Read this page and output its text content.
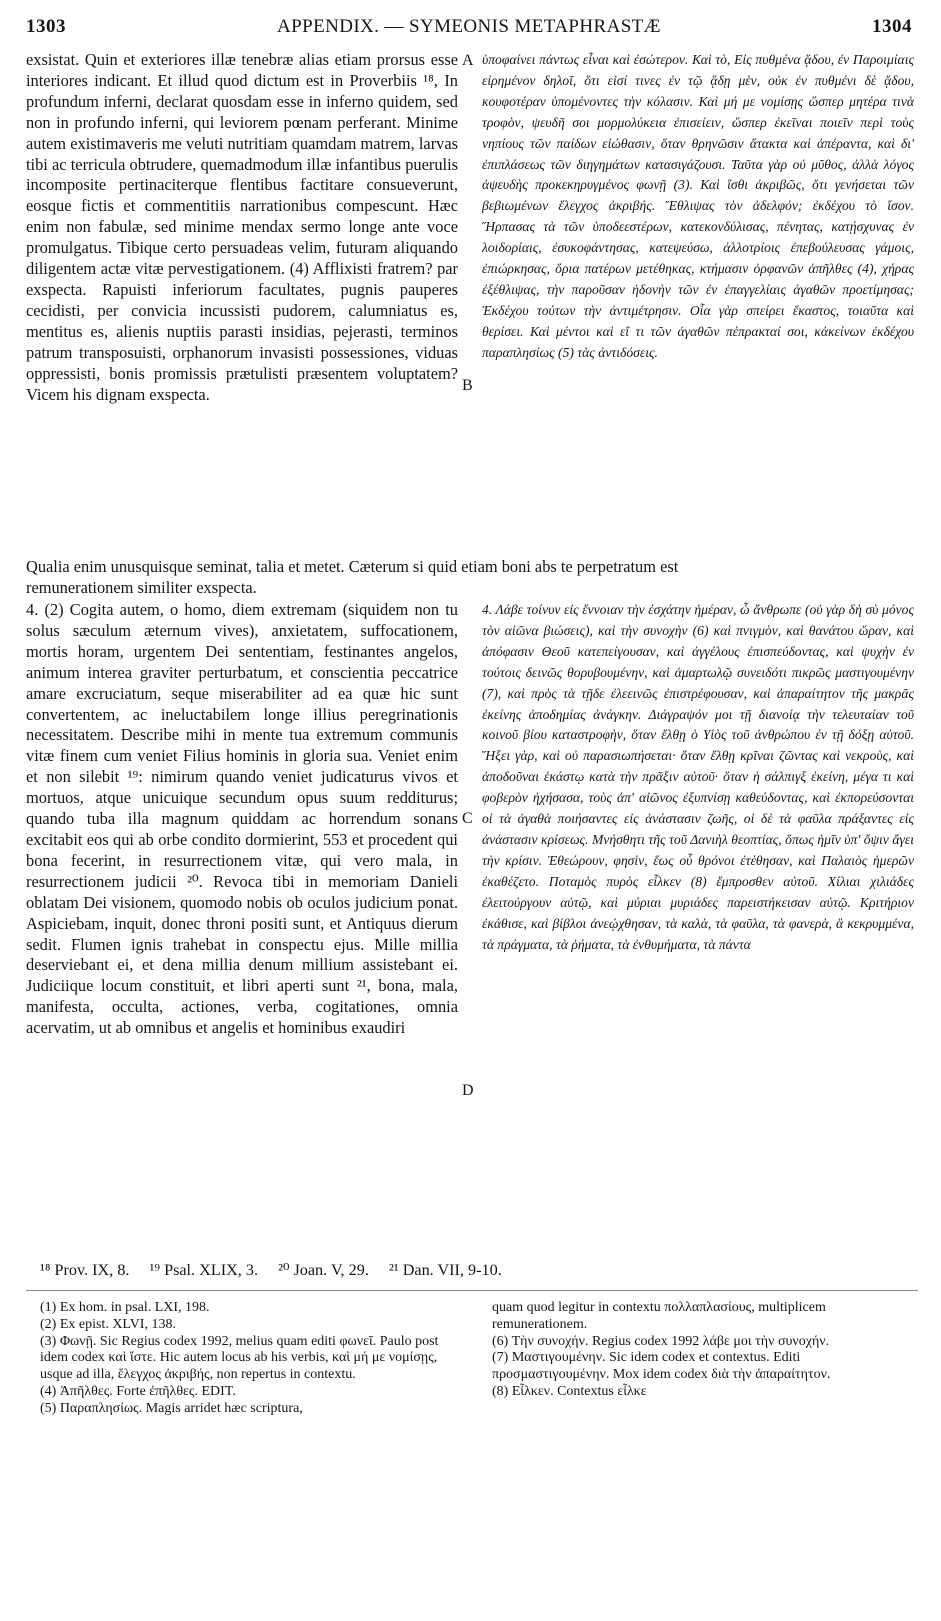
1303	APPENDIX. — SYMEONIS METAPHRASTÆ	1304

exsistat. Quin et exteriores illæ tenebræ alias etiam prorsus esse interiores indicant. Et illud quod dictum est in Proverbiis ¹⁸, In profundum inferni, declarat quosdam esse in inferno quidem, sed non in profundo inferni, qui leviorem pœnam perferant. Minime autem existimaveris me veluti nutritiam quamdam matrem, larvas tibi ac terricula obtrudere, quemadmodum illæ infantibus puerulis incomposite pertinaciterque flentibus factitare consueverunt, eosque fictis et commentitiis narrationibus compescunt. Hæc enim non fabulæ, sed minime mendax sermo longe ante voce promulgatus. Tibique certo persuadeas velim, futuram aliquando diligentem actæ vitæ pervestigationem. (4) Afflixisti fratrem? par exspecta. Rapuisti inferiorum facultates, pugnis pauperes cecidisti, per convicia incussisti pudorem, calumniatus es, mentitus es, alienis nuptiis parasti insidias, pejerasti, terminos patrum transposuisti, orphanorum invasisti possessiones, viduas oppressisti, bonis promissis prætulisti præsentem voluptatem? Vicem his dignam exspecta.

ὑποφαίνει πάντως εἶναι καὶ ἐσώτερον. Καὶ τὸ, Εἰς πυθμένα ᾅδου, ἐν Παροιμίαις εἰρημένον δηλοῖ, ὅτι εἰσί τινες ἐν τῷ ᾅδῃ μὲν, οὐκ ἐν πυθμένι δὲ ᾅδου, κουφοτέραν ὑπομένοντες τὴν κόλασιν. Καὶ μή με νομίσῃς ὥσπερ μητέρα τινὰ τροφὸν, ψευδῆ σοι μορμολύκεια ἐπισείειν, ὥσπερ ἐκεῖναι ποιεῖν περὶ τοὺς νηπίους τῶν παίδων εἰώθασιν, ὅταν θρηνῶσιν ἄτακτα καὶ ἀπέραντα, καὶ δι' ἐπιπλάσεως τῶν διηγημάτων κατασιγάζουσι. Ταῦτα γὰρ οὐ μῦθος, ἀλλὰ λόγος ἀψευδὴς προκεκηρυγμένος φωνῇ (3). Καὶ ἴσθι ἀκριβῶς, ὅτι γενήσεται τῶν βεβιωμένων ἔλεγχος ἀκριβής. Ἔθλιψας τὸν ἀδελφόν; ἐκδέχου τὸ ἴσον. Ἥρπασας τὰ τῶν ὑποδεεστέρων, κατεκονδύλισας, πένητας, κατῄσχυνας ἐν λοιδορίαις, ἐσυκοφάντησας, κατεψεύσω, ἀλλοτρίοις ἐπεβούλευσας γάμοις, ἐπιώρκησας, ὅρια πατέρων μετέθηκας, κτήμασιν ὀρφανῶν ἀπῆλθες (4), χήρας ἐξέθλιψας, τὴν παροῦσαν ἡδονὴν τῶν ἐν ἐπαγγελίαις ἀγαθῶν προετίμησας; Ἐκδέχου τούτων τὴν ἀντιμέτρησιν. Οἷα γὰρ σπείρει ἕκαστος, τοιαῦτα καὶ θερίσει. Καὶ μέντοι καὶ εἴ τι τῶν ἀγαθῶν πέπρακταί σοι, κἀκείνων ἐκδέχου παραπλησίως (5) τὰς ἀντιδόσεις.

A
B
Qualia enim unusquisque seminat, talia et metet. Cæterum si quid etiam boni abs te perpetratum est
remunerationem similiter exspecta.

4. (2) Cogita autem, o homo, diem extremam (siquidem non tu solus sæculum æternum vives), anxietatem, suffocationem, mortis horam, urgentem Dei sententiam, festinantes angelos, animum interea graviter perturbatum, et conscientia peccatrice amare excruciatum, seque miserabiliter ad ea quæ hic sunt convertentem, ac ineluctabilem longe illius peregrinationis necessitatem. Describe mihi in mente tua extremum communis vitæ finem cum veniet Filius hominis in gloria sua. Veniet enim et non silebit ¹⁹: nimirum quando veniet judicaturus vivos et mortuos, atque unicuique secundum opus suum redditurus; quando tuba illa magnum quiddam ac horrendum sonans excitabit eos qui ab orbe condito dormierint, 553 et procedent qui bona fecerint, in resurrectionem vitæ, qui vero mala, in resurrectionem judicii ²⁰. Revoca tibi in memoriam Danieli oblatam Dei visionem, quomodo nobis ob oculos judicium ponat. Aspiciebam, inquit, donec throni positi sunt, et Antiquus dierum sedit. Flumen ignis trahebat in conspectu ejus. Mille millia deserviebant ei, et dena millia denum millium assistebant ei. Judiciique locum constituit, et libri aperti sunt ²¹, bona, mala, manifesta, occulta, actiones, verba, cogitationes, omnia acervatim, ut ab omnibus et angelis et hominibus exaudiri

4. Λάβε τοίνυν εἰς ἔννοιαν τὴν ἐσχάτην ἡμέραν, ὦ ἄνθρωπε (οὐ γὰρ δὴ σὺ μόνος τὸν αἰῶνα βιώσεις), καὶ τὴν συνοχὴν (6) καὶ πνιγμὸν, καὶ θανάτου ὥραν, καὶ ἀπόφασιν Θεοῦ κατεπείγουσαν, καὶ ἀγγέλους ἐπισπεύδοντας, καὶ ψυχὴν ἐν τούτοις δεινῶς θορυβουμένην, καὶ ἁμαρτωλῷ συνειδότι πικρῶς μαστιγουμένην (7), καὶ πρὸς τὰ τῇδε ἐλεεινῶς ἐπιστρέφουσαν, καὶ ἀπαραίτητον τῆς μακρᾶς ἐκείνης ἀποδημίας ἀνάγκην. Διάγραψόν μοι τῇ διανοίᾳ τὴν τελευταίαν τοῦ κοινοῦ βίου καταστροφὴν, ὅταν ἔλθῃ ὁ Υἱὸς τοῦ ἀνθρώπου ἐν τῇ δόξῃ αὐτοῦ. Ἥξει γὰρ, καὶ οὐ παρασιωπήσεται· ὅταν ἔλθῃ κρῖναι ζῶντας καὶ νεκροὺς, καὶ ἀποδοῦναι ἑκάστῳ κατὰ τὴν πρᾶξιν αὐτοῦ· ὅταν ἡ σάλπιγξ ἐκείνη, μέγα τι καὶ φοβερὸν ἠχήσασα, τοὺς ἀπ' αἰῶνος ἐξυπνίσῃ καθεύδοντας, καὶ ἐκπορεύσονται οἱ τὰ ἀγαθὰ ποιήσαντες εἰς ἀνάστασιν ζωῆς, οἱ δὲ τὰ φαῦλα πράξαντες εἰς ἀνάστασιν κρίσεως. Μνήσθητι τῆς τοῦ Δανιὴλ θεοπτίας, ὅπως ἡμῖν ὑπ' ὄψιν ἄγει τὴν κρίσιν. Ἐθεώρουν, φησὶν, ἕως οὗ θρόνοι ἐτέθησαν, καὶ Παλαιὸς ἡμερῶν ἐκαθέζετο. Ποταμὸς πυρὸς εἷλκεν (8) ἔμπροσθεν αὐτοῦ. Χίλιαι χιλιάδες ἐλειτούργουν αὐτῷ, καὶ μύριαι μυριάδες παρειστήκεισαν αὐτῷ. Κριτήριον ἐκάθισε, καὶ βίβλοι ἀνεῴχθησαν, τὰ καλὰ, τὰ φαῦλα, τὰ φανερὰ, ἃ κεκρυμμένα, τὰ πράγματα, τὰ ῥήματα, τὰ ἐνθυμήματα, τὰ πάντα

C
D
¹⁸ Prov. IX, 8. ¹⁹ Psal. XLIX, 3. ²⁰ Joan. V, 29. ²¹ Dan. VII, 9-10.

(1) Ex hom. in psal. LXI, 198.

(2) Ex epist. XLVI, 138.

(3) Φωνῇ. Sic Regius codex 1992, melius quam editi φωνεῖ. Paulo post idem codex καὶ ἴστε. Hic autem locus ab his verbis, καὶ μή με νομίσῃς, usque ad illa, ἔλεγχος ἀκριβής, non repertus in contextu.

(4) Ἀπῆλθες. Forte ἐπῆλθες. EDIT.

(5) Παραπλησίως. Magis arridet hæc scriptura,

quam quod legitur in contextu πολλαπλασίους, multiplicem remunerationem.

(6) Τὴν συνοχήν. Regius codex 1992 λάβε μοι τὴν συνοχήν.

(7) Μαστιγουμένην. Sic idem codex et contextus. Editi προσμαστιγουμένην. Mox idem codex διὰ τὴν ἀπαραίτητον.

(8) Εἷλκεν. Contextus εἷλκε
